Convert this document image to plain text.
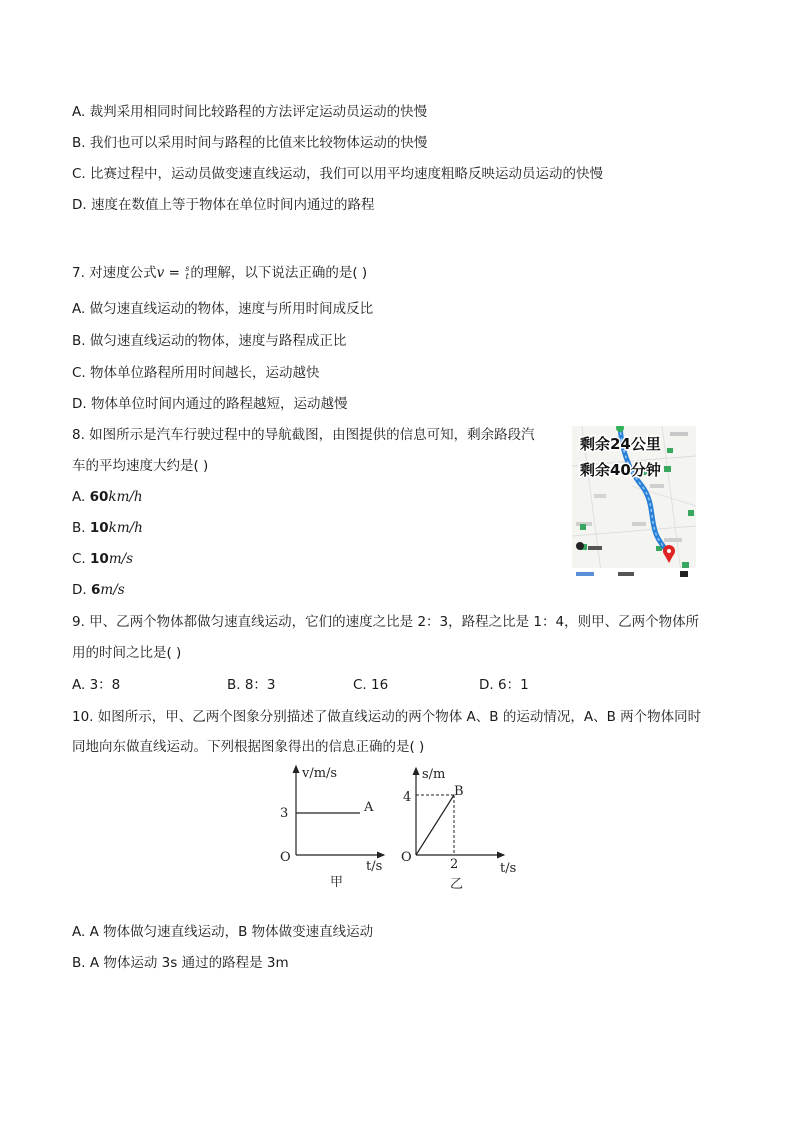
A. 裁判采用相同时间比较路程的方法评定运动员运动的快慢
B. 我们也可以采用时间与路程的比值来比较物体运动的快慢
C. 比赛过程中，运动员做变速直线运动，我们可以用平均速度粗略反映运动员运动的快慢
D. 速度在数值上等于物体在单位时间内通过的路程
7. 对速度公式v = s
t 的理解，以下说法正确的是( )
A. 做匀速直线运动的物体，速度与所用时间成反比
B. 做匀速直线运动的物体，速度与路程成正比
C. 物体单位路程所用时间越长，运动越快
D. 物体单位时间内通过的路程越短，运动越慢
8. 如图所示是汽车行驶过程中的导航截图，由图提供的信息可知，剩余路段汽
车的平均速度大约是( )
A. 60km/h
B. 10km/h
C. 10m/s
D. 6m/s
剩余24公里
剩余40分钟
9. 甲、乙两个物体都做匀速直线运动，它们的速度之比是 2：3，路程之比是 1：4，则甲、乙两个物体所
用的时间之比是( )
A. 3：8	B. 8：3	C. 16	D. 6：1
10. 如图所示，甲、乙两个图象分别描述了做直线运动的两个物体 A、B 的运动情况，A、B 两个物体同时
同地向东做直线运动。下列根据图象得出的信息正确的是( )
v/m/s
t/s
O
3	A
甲
s/m
t/s
O
4
2
B
乙
A. A 物体做匀速直线运动，B 物体做变速直线运动
B. A 物体运动 3s 通过的路程是 3m
